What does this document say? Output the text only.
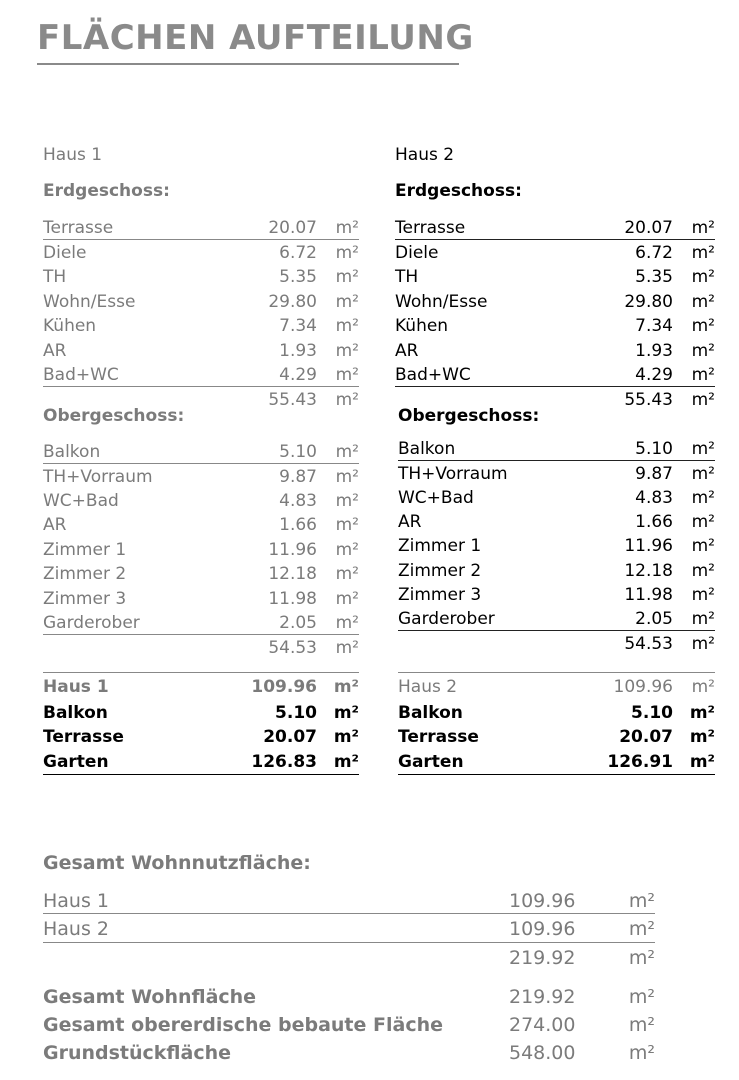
FLÄCHEN AUFTEILUNG
Haus 1
Erdgeschoss:
Terrasse	20.07 m²
Diele	6.72 m²
TH	5.35 m²
Wohn/Esse	29.80 m²
Kühen	7.34 m²
AR	1.93 m²
Bad+WC	4.29 m²
55.43 m²
Obergeschoss:
Balkon	5.10 m²
TH+Vorraum	9.87 m²
WC+Bad	4.83 m²
AR	1.66 m²
Zimmer 1	11.96 m²
Zimmer 2	12.18 m²
Zimmer 3	11.98 m²
Garderober	2.05 m²
54.53 m²
Haus 1	109.96 m²
Balkon	5.10 m²
Terrasse	20.07 m²
Garten	126.83 m²
Haus 2
Erdgeschoss:
Terrasse	20.07 m²
Diele	6.72 m²
TH	5.35 m²
Wohn/Esse	29.80 m²
Kühen	7.34 m²
AR	1.93 m²
Bad+WC	4.29 m²
55.43 m²
Obergeschoss:
Balkon	5.10 m²
TH+Vorraum	9.87 m²
WC+Bad	4.83 m²
AR	1.66 m²
Zimmer 1	11.96 m²
Zimmer 2	12.18 m²
Zimmer 3	11.98 m²
Garderober	2.05 m²
54.53 m²
Haus 2	109.96 m²
Balkon	5.10 m²
Terrasse	20.07 m²
Garten	126.91 m²
Gesamt Wohnnutzfläche:
Haus 1	109.96	m²
Haus 2	109.96	m²
219.92	m²
Gesamt Wohnfläche	219.92	m²
Gesamt obererdische bebaute Fläche	274.00	m²
Grundstückfläche	548.00	m²
